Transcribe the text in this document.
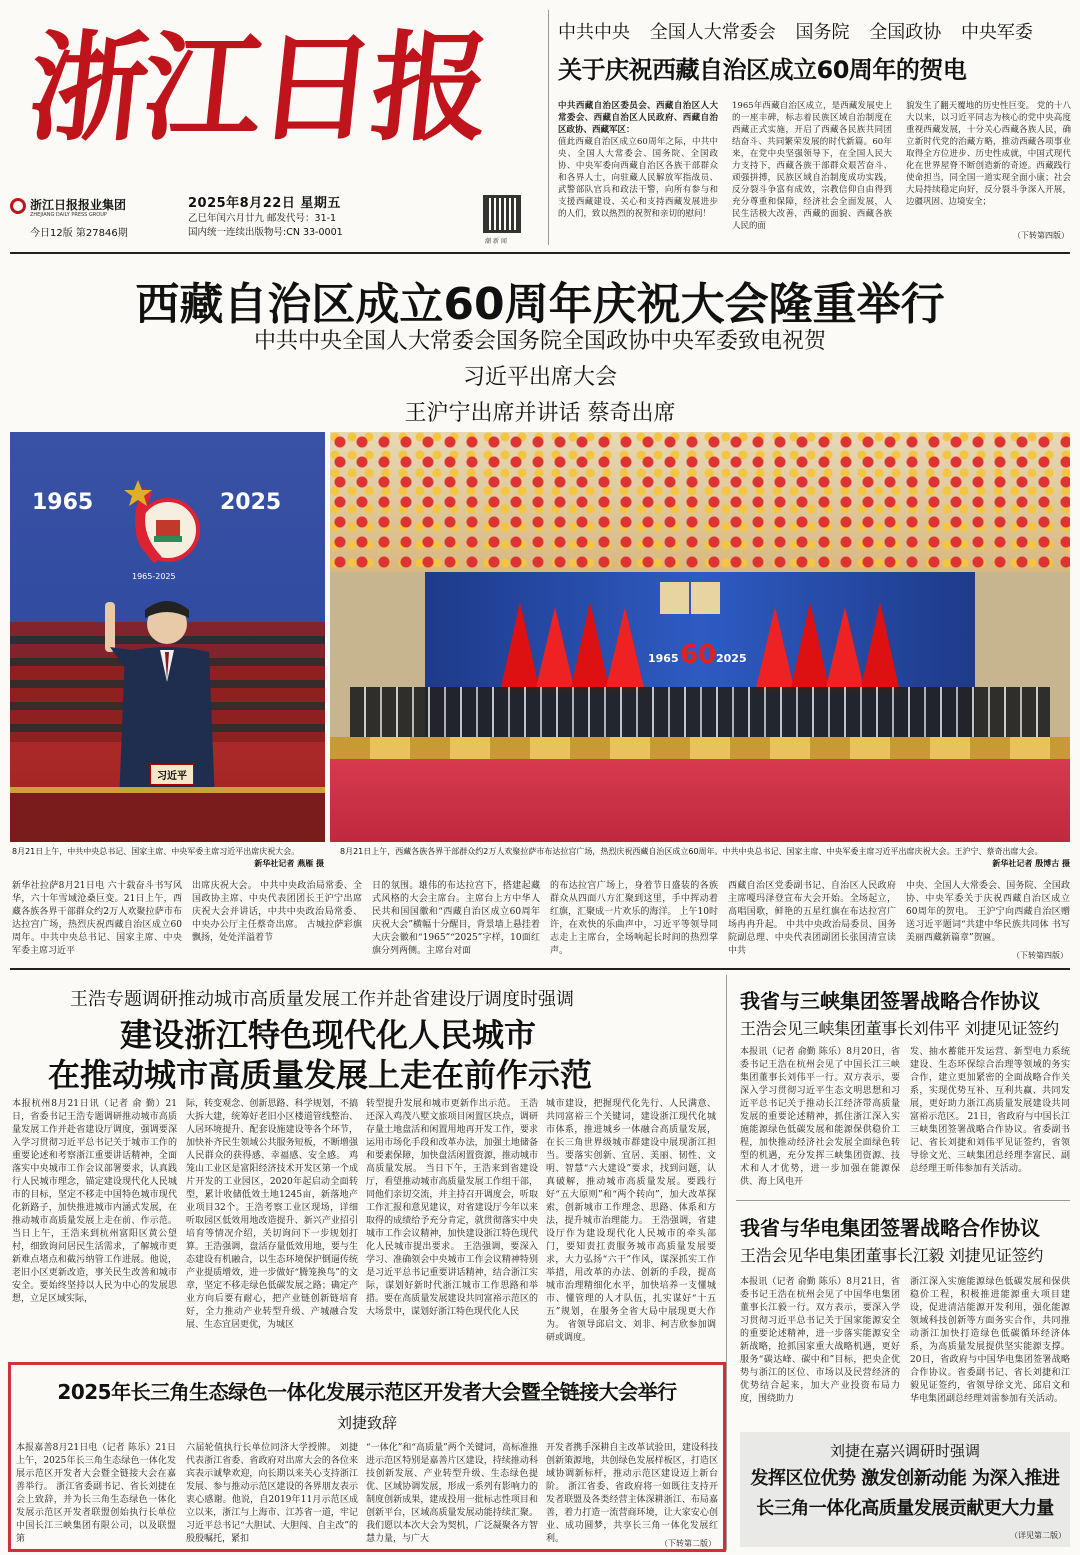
浙江日报
浙江日报报业集团
ZHEJIANG DAILY PRESS GROUP
今日12版 第27846期
2025年8月22日 星期五
乙巳年闰六月廿九 邮发代号：31-1
国内统一连续出版物号:CN 33-0001
潮 新 闻
中共中央 全国人大常委会 国务院 全国政协 中央军委
关于庆祝西藏自治区成立60周年的贺电
中共西藏自治区委员会、西藏自治区人大常委会、西藏自治区人民政府、西藏自治区政协、西藏军区：
值此西藏自治区成立60周年之际，中共中央、全国人大常委会、国务院、全国政协、中央军委向西藏自治区各族干部群众和各界人士，向驻藏人民解放军指战员、武警部队官兵和政法干警，向所有参与和支援西藏建设、关心和支持西藏发展进步的人们，致以热烈的祝贺和亲切的慰问！
1965年西藏自治区成立，是西藏发展史上的一座丰碑，标志着民族区域自治制度在西藏正式实施，开启了西藏各民族共同团结奋斗、共同繁荣发展的时代新篇。60年来，在党中央坚强领导下，在全国人民大力支持下，西藏各族干部群众艰苦奋斗、顽强拼搏，民族区域自治制度成功实践，反分裂斗争富有成效，宗教信仰自由得到充分尊重和保障，经济社会全面发展，人民生活极大改善，西藏的面貌、西藏各族人民的面
貌发生了翻天覆地的历史性巨变。 党的十八大以来，以习近平同志为核心的党中央高度重视西藏发展，十分关心西藏各族人民，确立新时代党的治藏方略，推动西藏各项事业取得全方位进步、历史性成就，中国式现代化在世界屋脊不断创造新的奇迹。西藏践行使命担当，同全国一道实现全面小康；社会大局持续稳定向好，反分裂斗争深入开展，边疆巩固、边境安全；
（下转第四版）
西藏自治区成立60周年庆祝大会隆重举行
中共中央全国人大常委会国务院全国政协中央军委致电祝贺
习近平出席大会
王沪宁出席并讲话 蔡奇出席
1965	2025
1965-2025
习近平
1965	2025
60
8月21日上午，中共中央总书记、国家主席、中央军委主席习近平出席庆祝大会。
新华社记者 燕雁 摄
8月21日上午，西藏各族各界干部群众约2万人欢聚拉萨市布达拉宫广场，热烈庆祝西藏自治区成立60周年。中共中央总书记、国家主席、中央军委主席习近平出席庆祝大会。王沪宁、蔡奇出席大会。
新华社记者 殷博古 摄
新华社拉萨8月21日电 六十载奋斗书写风华，六十年雪域沧桑巨变。21日上午，西藏各族各界干部群众约2万人欢聚拉萨市布达拉宫广场，热烈庆祝西藏自治区成立60周年。中共中央总书记、国家主席、中央军委主席习近平
出席庆祝大会。 中共中央政治局常委、全国政协主席、中央代表团团长王沪宁出席庆祝大会并讲话，中共中央政治局常委、中央办公厅主任蔡奇出席。 古城拉萨彩旗飘扬，处处洋溢着节
日的氛围。雄伟的布达拉宫下，搭建起藏式风格的大会主席台。主席台上方中华人民共和国国徽和“西藏自治区成立60周年庆祝大会”横幅十分醒目，背景墙上悬挂着大庆会徽和“1965”“2025”字样，10面红旗分列两侧。主席台对面
的布达拉宫广场上，身着节日盛装的各族群众从四面八方汇聚到这里，手中挥动着红旗，汇聚成一片欢乐的海洋。 上午10时许，在欢快的乐曲声中，习近平等领导同志走上主席台，全场响起长时间的热烈掌声。
西藏自治区党委副书记、自治区人民政府主席嘎玛泽登宣布大会开始。全场起立，高唱国歌，鲜艳的五星红旗在布达拉宫广场冉冉升起。 中共中央政治局委员、国务院副总理、中央代表团副团长张国清宣读中共
中央、全国人大常委会、国务院、全国政协、中央军委关于庆祝西藏自治区成立60周年的贺电。 王沪宁向西藏自治区赠送习近平题词“共建中华民族共同体 书写美丽西藏新篇章”贺匾。
（下转第四版）
王浩专题调研推动城市高质量发展工作并赴省建设厅调度时强调
建设浙江特色现代化人民城市
在推动城市高质量发展上走在前作示范
本报杭州8月21日讯（记者 俞 勤）21日，省委书记王浩专题调研推动城市高质量发展工作并赴省建设厅调度，强调要深入学习贯彻习近平总书记关于城市工作的重要论述和考察浙江重要讲话精神，全面落实中央城市工作会议部署要求，认真践行人民城市理念，锚定建设现代化人民城市的目标，坚定不移走中国特色城市现代化新路子，加快推进城市内涵式发展，在推动城市高质量发展上走在前、作示范。 当日上午，王浩来到杭州富阳区黄公望村，细致询问居民生活需求，了解城市更新难点堵点和截污纳管工作进展。他说，老旧小区更新改造，事关民生改善和城市安全。要始终坚持以人民为中心的发展思想，立足区域实际，
际，转变观念、创新思路、科学规划，不搞大拆大建，统筹好老旧小区楼道管线整治、人居环境提升、配套设施建设等各个环节，加快补齐民生领域公共服务短板，不断增强人民群众的获得感、幸福感、安全感。 鸡笼山工业区是富阳经济技术开发区第一个成片开发的工业园区，2020年起启动全面转型，累计收储低效土地1245亩，新落地产业项目32个。王浩考察工业区现场，详细听取园区低效用地改造提升、新兴产业招引培育等情况介绍，关切询问下一步规划打算。王浩强调，盘活存量低效用地，要与生态建设有机融合，以生态环境保护倒逼传统产业提质增效，进一步做好“腾笼换鸟”的文章，坚定不移走绿色低碳发展之路；确定产业方向后要有耐心，把产业链创新链培育好，全力推动产业转型升级、产城融合发展、生态宜居更优，为城区
转型提升发展和城市更新作出示范。 王浩还深入鸡茂八墅文旅项目闲置区块点，调研存量土地盘活和闲置用地再开发工作，要求运用市场化手段和改革办法，加强土地储备和要素保障，加快盘活闲置资源，推动城市高质量发展。 当日下午，王浩来到省建设厅，看望推动城市高质量发展工作组干部，同他们亲切交流，并主持召开调度会，听取工作汇报和意见建议，对省建设厅今年以来取得的成绩给予充分肯定，就贯彻落实中央城市工作会议精神，加快建设浙江特色现代化人民城市提出要求。 王浩强调，要深入学习、准确领会中央城市工作会议精神特别是习近平总书记重要讲话精神，结合浙江实际，谋划好新时代浙江城市工作思路和举措。要在高质量发展建设共同富裕示范区的大场景中，谋划好浙江特色现代化人民
城市建设，把握现代化先行、人民满意、共同富裕三个关键词，建设浙江现代化城市体系，推进城乡一体融合高质量发展，在长三角世界级城市群建设中展现浙江担当。要落实创新、宜居、美丽、韧性、文明、智慧“六大建设”要求，找到问题，认真破解，推动城市高质量发展。要践行好“五大原则”和“两个转向”，加大改革探索，创新城市工作理念、思路、体系和方法，提升城市治理能力。 王浩强调，省建设厅作为建设现代化人民城市的牵头部门，要知责扛责服务城市高质量发展要求，大力弘扬“六干”作风，谋深抓实工作举措，用改革的办法、创新的手段，提高城市治理精细化水平，加快培养一支懂城市、懂管理的人才队伍，扎实谋好“十五五”规划，在服务全省大局中展现更大作为。 省领导邱启文、刘非、柯吉欣参加调研或调度。
我省与三峡集团签署战略合作协议
王浩会见三峡集团董事长刘伟平 刘捷见证签约
本报讯（记者 俞勤 陈乐）8月20日，省委书记王浩在杭州会见了中国长江三峡集团董事长刘伟平一行。双方表示，要深入学习贯彻习近平生态文明思想和习近平总书记关于推动长江经济带高质量发展的重要论述精神，抓住浙江深入实施能源绿色低碳发展和能源保供稳价工程，加快推动经济社会发展全面绿色转型的机遇，充分发挥三峡集团资源、技术和人才优势，进一步加强在能源保供、海上风电开
发、抽水蓄能开发运营、新型电力系统建设、生态环保综合治理等领域的务实合作，建立更加紧密的全面战略合作关系，实现优势互补、互利共赢、共同发展，更好助力浙江高质量发展建设共同富裕示范区。 21日，省政府与中国长江三峡集团签署战略合作协议。省委副书记、省长刘捷和刘伟平见证签约，省领导徐文光、三峡集团总经理李富民、副总经理王昕伟参加有关活动。
我省与华电集团签署战略合作协议
王浩会见华电集团董事长江毅 刘捷见证签约
本报讯（记者 俞勤 陈乐）8月21日，省委书记王浩在杭州会见了中国华电集团董事长江毅一行。双方表示，要深入学习贯彻习近平总书记关于国家能源安全的重要论述精神，进一步落实能源安全新战略，抢抓国家重大战略机遇，更好服务“碳达峰、碳中和”目标，把央企优势与浙江的区位、市场以及民营经济的优势结合起来，加大产业投资布局力度，围绕助力
浙江深入实施能源绿色低碳发展和保供稳价工程，积极推进能源重大项目建设，促进清洁能源开发利用，强化能源领域科技创新等方面务实合作，共同推动浙江加快打造绿色低碳循环经济体系，为高质量发展提供坚实能源支撑。 20日，省政府与中国华电集团签署战略合作协议。省委副书记、省长刘捷和江毅见证签约，省领导徐文光、邱启文和华电集团副总经理刘雷参加有关活动。
2025年长三角生态绿色一体化发展示范区开发者大会暨全链接大会举行
刘捷致辞
本报嘉善8月21日电（记者 陈乐）21日上午，2025年长三角生态绿色一体化发展示范区开发者大会暨全链接大会在嘉善举行。 浙江省委副书记、省长刘捷在会上致辞，并为长三角生态绿色一体化发展示范区开发者联盟创始执行长单位中国长江三峡集团有限公司，以及联盟第
六届轮值执行长单位同济大学授牌。 刘捷代表浙江省委、省政府对出席大会的各位来宾表示诚挚欢迎，向长期以来关心支持浙江发展、参与推动示范区建设的各界朋友表示衷心感谢。他说，自2019年11月示范区成立以来，浙江与上海市、江苏省一道，牢记习近平总书记“大胆试、大胆闯、自主改”的殷殷嘱托，紧扣
“一体化”和“高质量”两个关键词，高标准推进示范区特别是嘉善片区建设，持续推动科技创新发展、产业转型升级、生态绿色提优、区域协调发展，形成一系列有影响力的制度创新成果，建成投用一批标志性项目和创新平台，区域高质量发展动能持续汇聚。我们愿以本次大会为契机，广泛凝聚各方智慧力量，与广大
开发者携手深耕自主改革试验田，建设科技创新策源地，共创绿色发展样板区，打造区域协调新标杆，推动示范区建设迈上新台阶。 浙江省委、省政府将一如既往支持开发者联盟及各类经营主体深耕浙江、布局嘉善，着力打造一流营商环境，让大家安心创业、成功圆梦，共享长三角一体化发展红利。	（下转第二版）
刘捷在嘉兴调研时强调
发挥区位优势 激发创新动能 为深入推进
长三角一体化高质量发展贡献更大力量
（详见第二版）
